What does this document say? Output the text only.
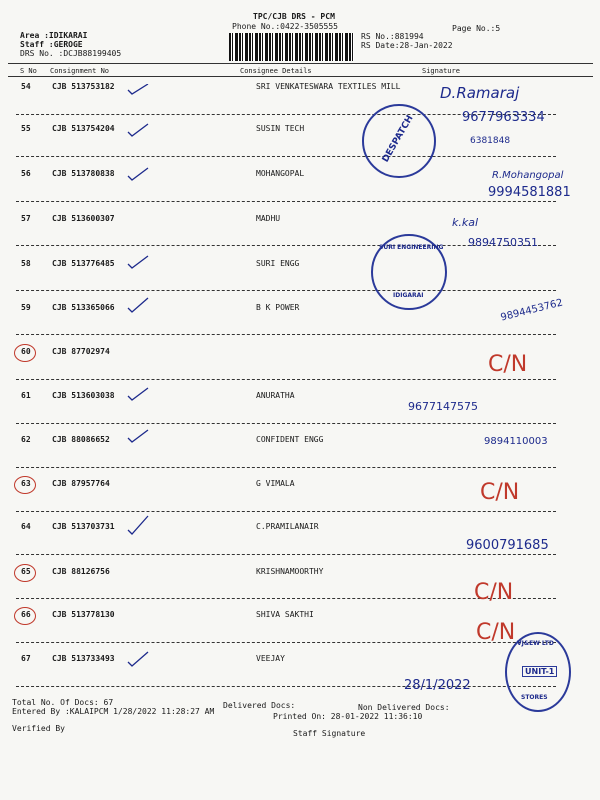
TPC/CJB DRS - PCM
Phone No.:0422-3505555	Page No.:5
Area :IDIKARAI
Staff :GEROGE
DRS No. :DCJB88199405
RS No.:881994
RS Date:28-Jan-2022
S No Consignment No	Consignee Details	Signature
54	CJB 513753182	SRI VENKATESWARA TEXTILES MILL
55	CJB 513754204	SUSIN TECH
56	CJB 513780838	MOHANGOPAL
57	CJB 513600307	MADHU
58	CJB 513776485	SURI ENGG
59	CJB 513365066	B K POWER
60	CJB 87702974
61	CJB 513603038	ANURATHA
62	CJB 88086652	CONFIDENT ENGG
63	CJB 87957764	G VIMALA
64	CJB 513703731	C.PRAMILANAIR
65	CJB 88126756	KRISHNAMOORTHY
66	CJB 513778130	SHIVA SAKTHI
67	CJB 513733493	VEEJAY
DESPATCH
SURI ENGINEERING
IDIGARAI
VJ&EW LTD
UNIT-1
STORES
D.Ramaraj
9677963334
6381848
R.Mohangopal
9994581881
k.kal
9894750351
9894453762
C/N
9677147575
9894110003
C/N
9600791685
C/N
C/N
28/1/2022
Total No. Of Docs: 67	Delivered Docs:	Non Delivered Docs:
Entered By :KALAIPCM 1/28/2022 11:28:27 AM
Printed On: 28-01-2022 11:36:10
Verified By
Staff Signature
